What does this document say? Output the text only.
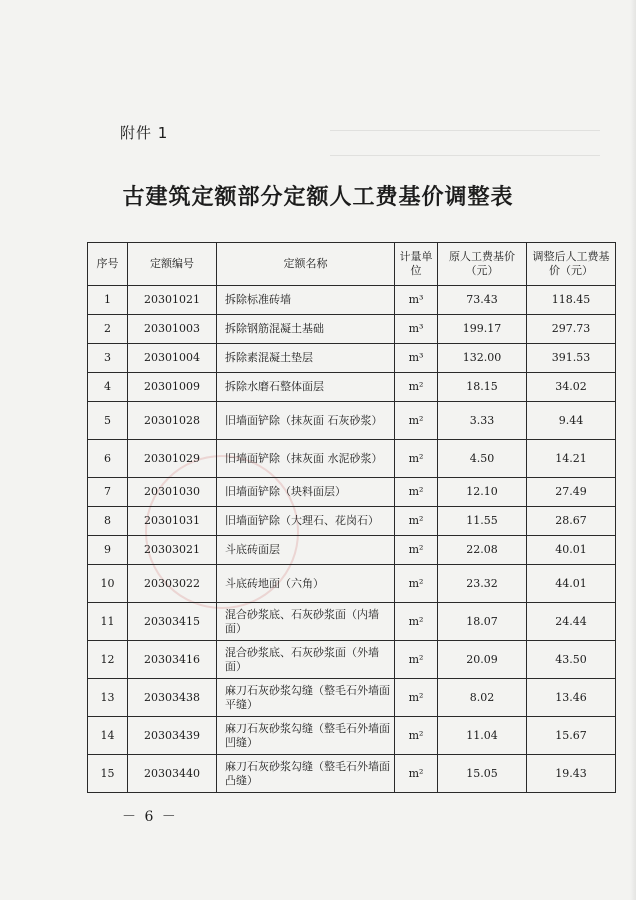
附件 1
古建筑定额部分定额人工费基价调整表
序号	定额编号	定额名称	计量单位	原人工费基价（元）	调整后人工费基价（元）
1	20301021	拆除标准砖墙	m³	73.43	118.45
2	20301003	拆除钢筋混凝土基础	m³	199.17	297.73
3	20301004	拆除素混凝土垫层	m³	132.00	391.53
4	20301009	拆除水磨石整体面层	m²	18.15	34.02
5	20301028	旧墙面铲除（抹灰面 石灰砂浆）	m²	3.33	9.44
6	20301029	旧墙面铲除（抹灰面 水泥砂浆）	m²	4.50	14.21
7	20301030	旧墙面铲除（块料面层）	m²	12.10	27.49
8	20301031	旧墙面铲除（大理石、花岗石）	m²	11.55	28.67
9	20303021	斗底砖面层	m²	22.08	40.01
10	20303022	斗底砖地面（六角）	m²	23.32	44.01
11	20303415	混合砂浆底、石灰砂浆面（内墙面）	m²	18.07	24.44
12	20303416	混合砂浆底、石灰砂浆面（外墙面）	m²	20.09	43.50
13	20303438	麻刀石灰砂浆勾缝（整毛石外墙面 平缝）	m²	8.02	13.46
14	20303439	麻刀石灰砂浆勾缝（整毛石外墙面 凹缝）	m²	11.04	15.67
15	20303440	麻刀石灰砂浆勾缝（整毛石外墙面 凸缝）	m²	15.05	19.43
－ 6 －
